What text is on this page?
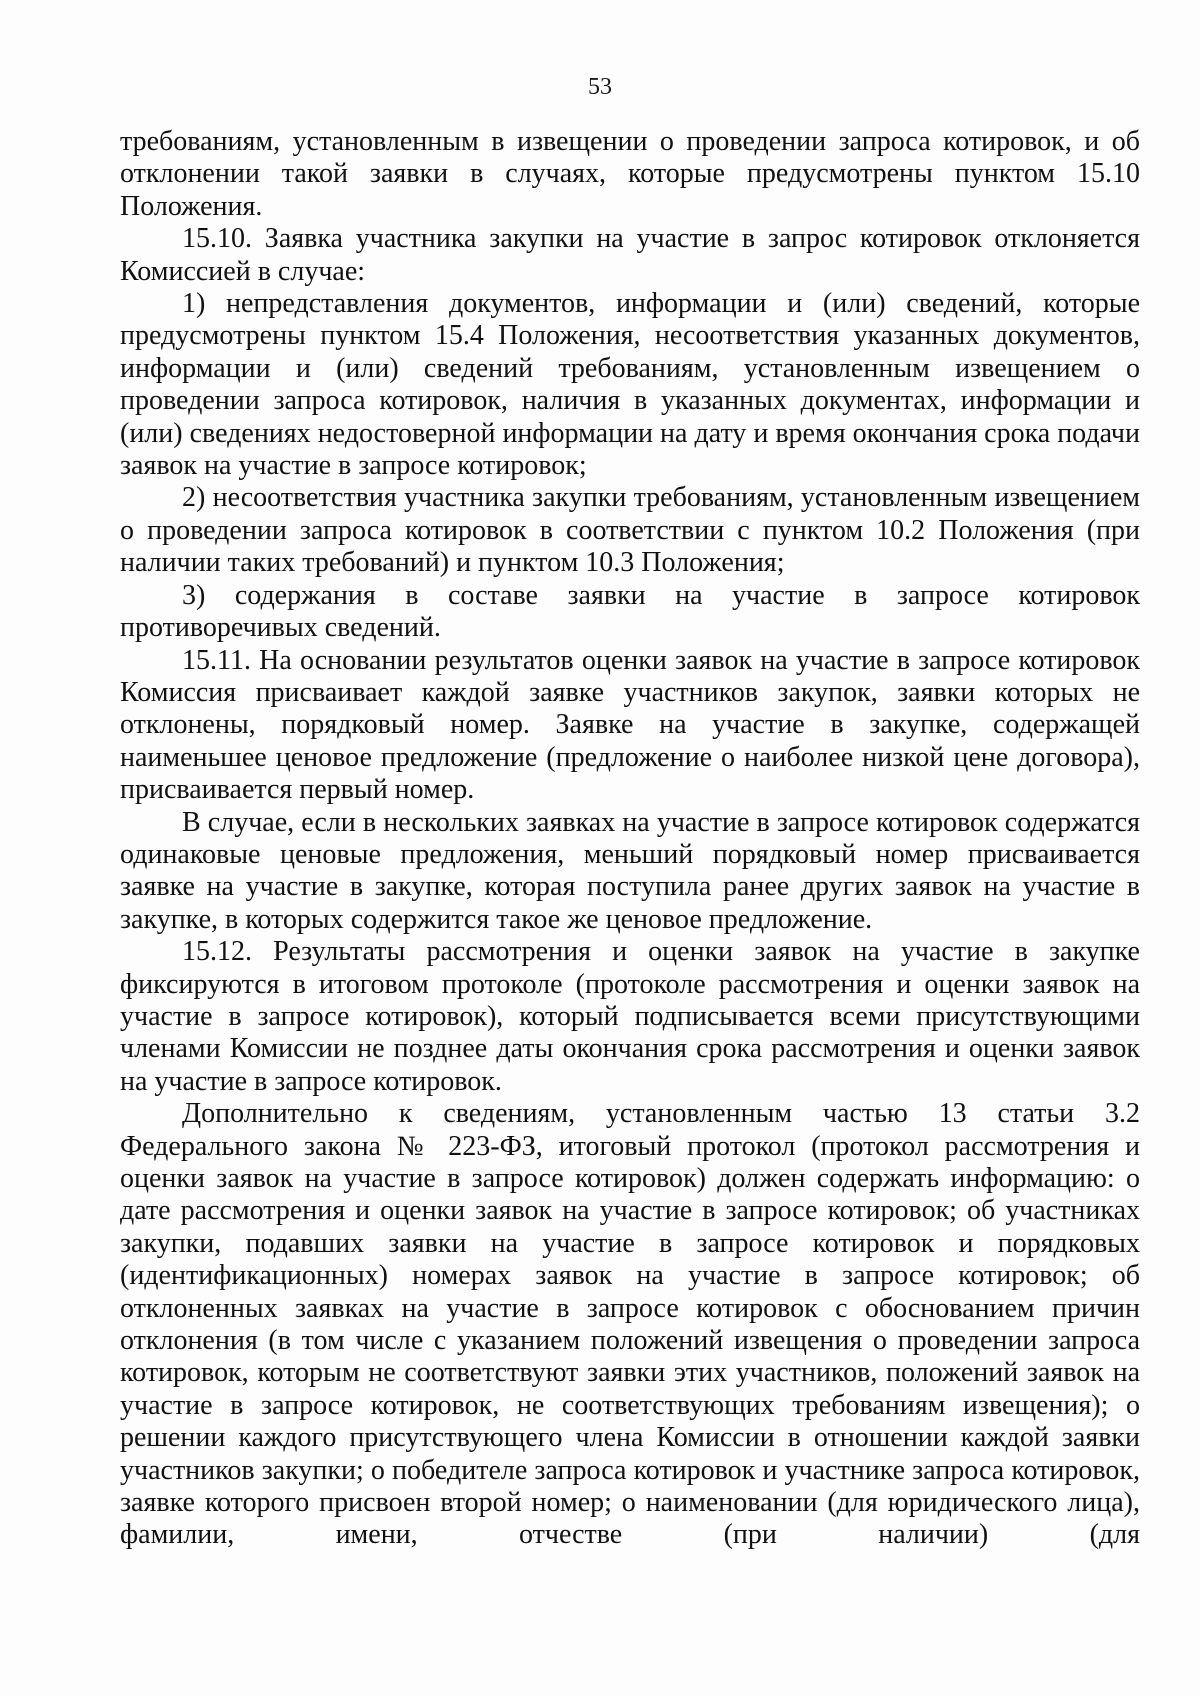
53

требованиям, установленным в извещении о проведении запроса котировок, и об отклонении такой заявки в случаях, которые предусмотрены пунктом 15.10 Положения.

15.10. Заявка участника закупки на участие в запрос котировок отклоняется Комиссией в случае:

1) непредставления документов, информации и (или) сведений, которые предусмотрены пунктом 15.4 Положения, несоответствия указанных документов, информации и (или) сведений требованиям, установленным извещением о проведении запроса котировок, наличия в указанных документах, информации и (или) сведениях недостоверной информации на дату и время окончания срока подачи заявок на участие в запросе котировок;

2) несоответствия участника закупки требованиям, установленным извещением о проведении запроса котировок в соответствии с пунктом 10.2 Положения (при наличии таких требований) и пунктом 10.3 Положения;

3) содержания в составе заявки на участие в запросе котировок противоречивых сведений.

15.11. На основании результатов оценки заявок на участие в запросе котировок Комиссия присваивает каждой заявке участников закупок, заявки которых не отклонены, порядковый номер. Заявке на участие в закупке, содержащей наименьшее ценовое предложение (предложение о наиболее низкой цене договора), присваивается первый номер.

В случае, если в нескольких заявках на участие в запросе котировок содержатся одинаковые ценовые предложения, меньший порядковый номер присваивается заявке на участие в закупке, которая поступила ранее других заявок на участие в закупке, в которых содержится такое же ценовое предложение.

15.12. Результаты рассмотрения и оценки заявок на участие в закупке фиксируются в итоговом протоколе (протоколе рассмотрения и оценки заявок на участие в запросе котировок), который подписывается всеми присутствующими членами Комиссии не позднее даты окончания срока рассмотрения и оценки заявок на участие в запросе котировок.

Дополнительно к сведениям, установленным частью 13 статьи 3.2 Федерального закона № 223-ФЗ, итоговый протокол (протокол рассмотрения и оценки заявок на участие в запросе котировок) должен содержать информацию: о дате рассмотрения и оценки заявок на участие в запросе котировок; об участниках закупки, подавших заявки на участие в запросе котировок и порядковых (идентификационных) номерах заявок на участие в запросе котировок; об отклоненных заявках на участие в запросе котировок с обоснованием причин отклонения (в том числе с указанием положений извещения о проведении запроса котировок, которым не соответствуют заявки этих участников, положений заявок на участие в запросе котировок, не соответствующих требованиям извещения); о решении каждого присутствующего члена Комиссии в отношении каждой заявки участников закупки; о победителе запроса котировок и участнике запроса котировок, заявке которого присвоен второй номер; о наименовании (для юридического лица), фамилии, имени, отчестве (при наличии) (для
